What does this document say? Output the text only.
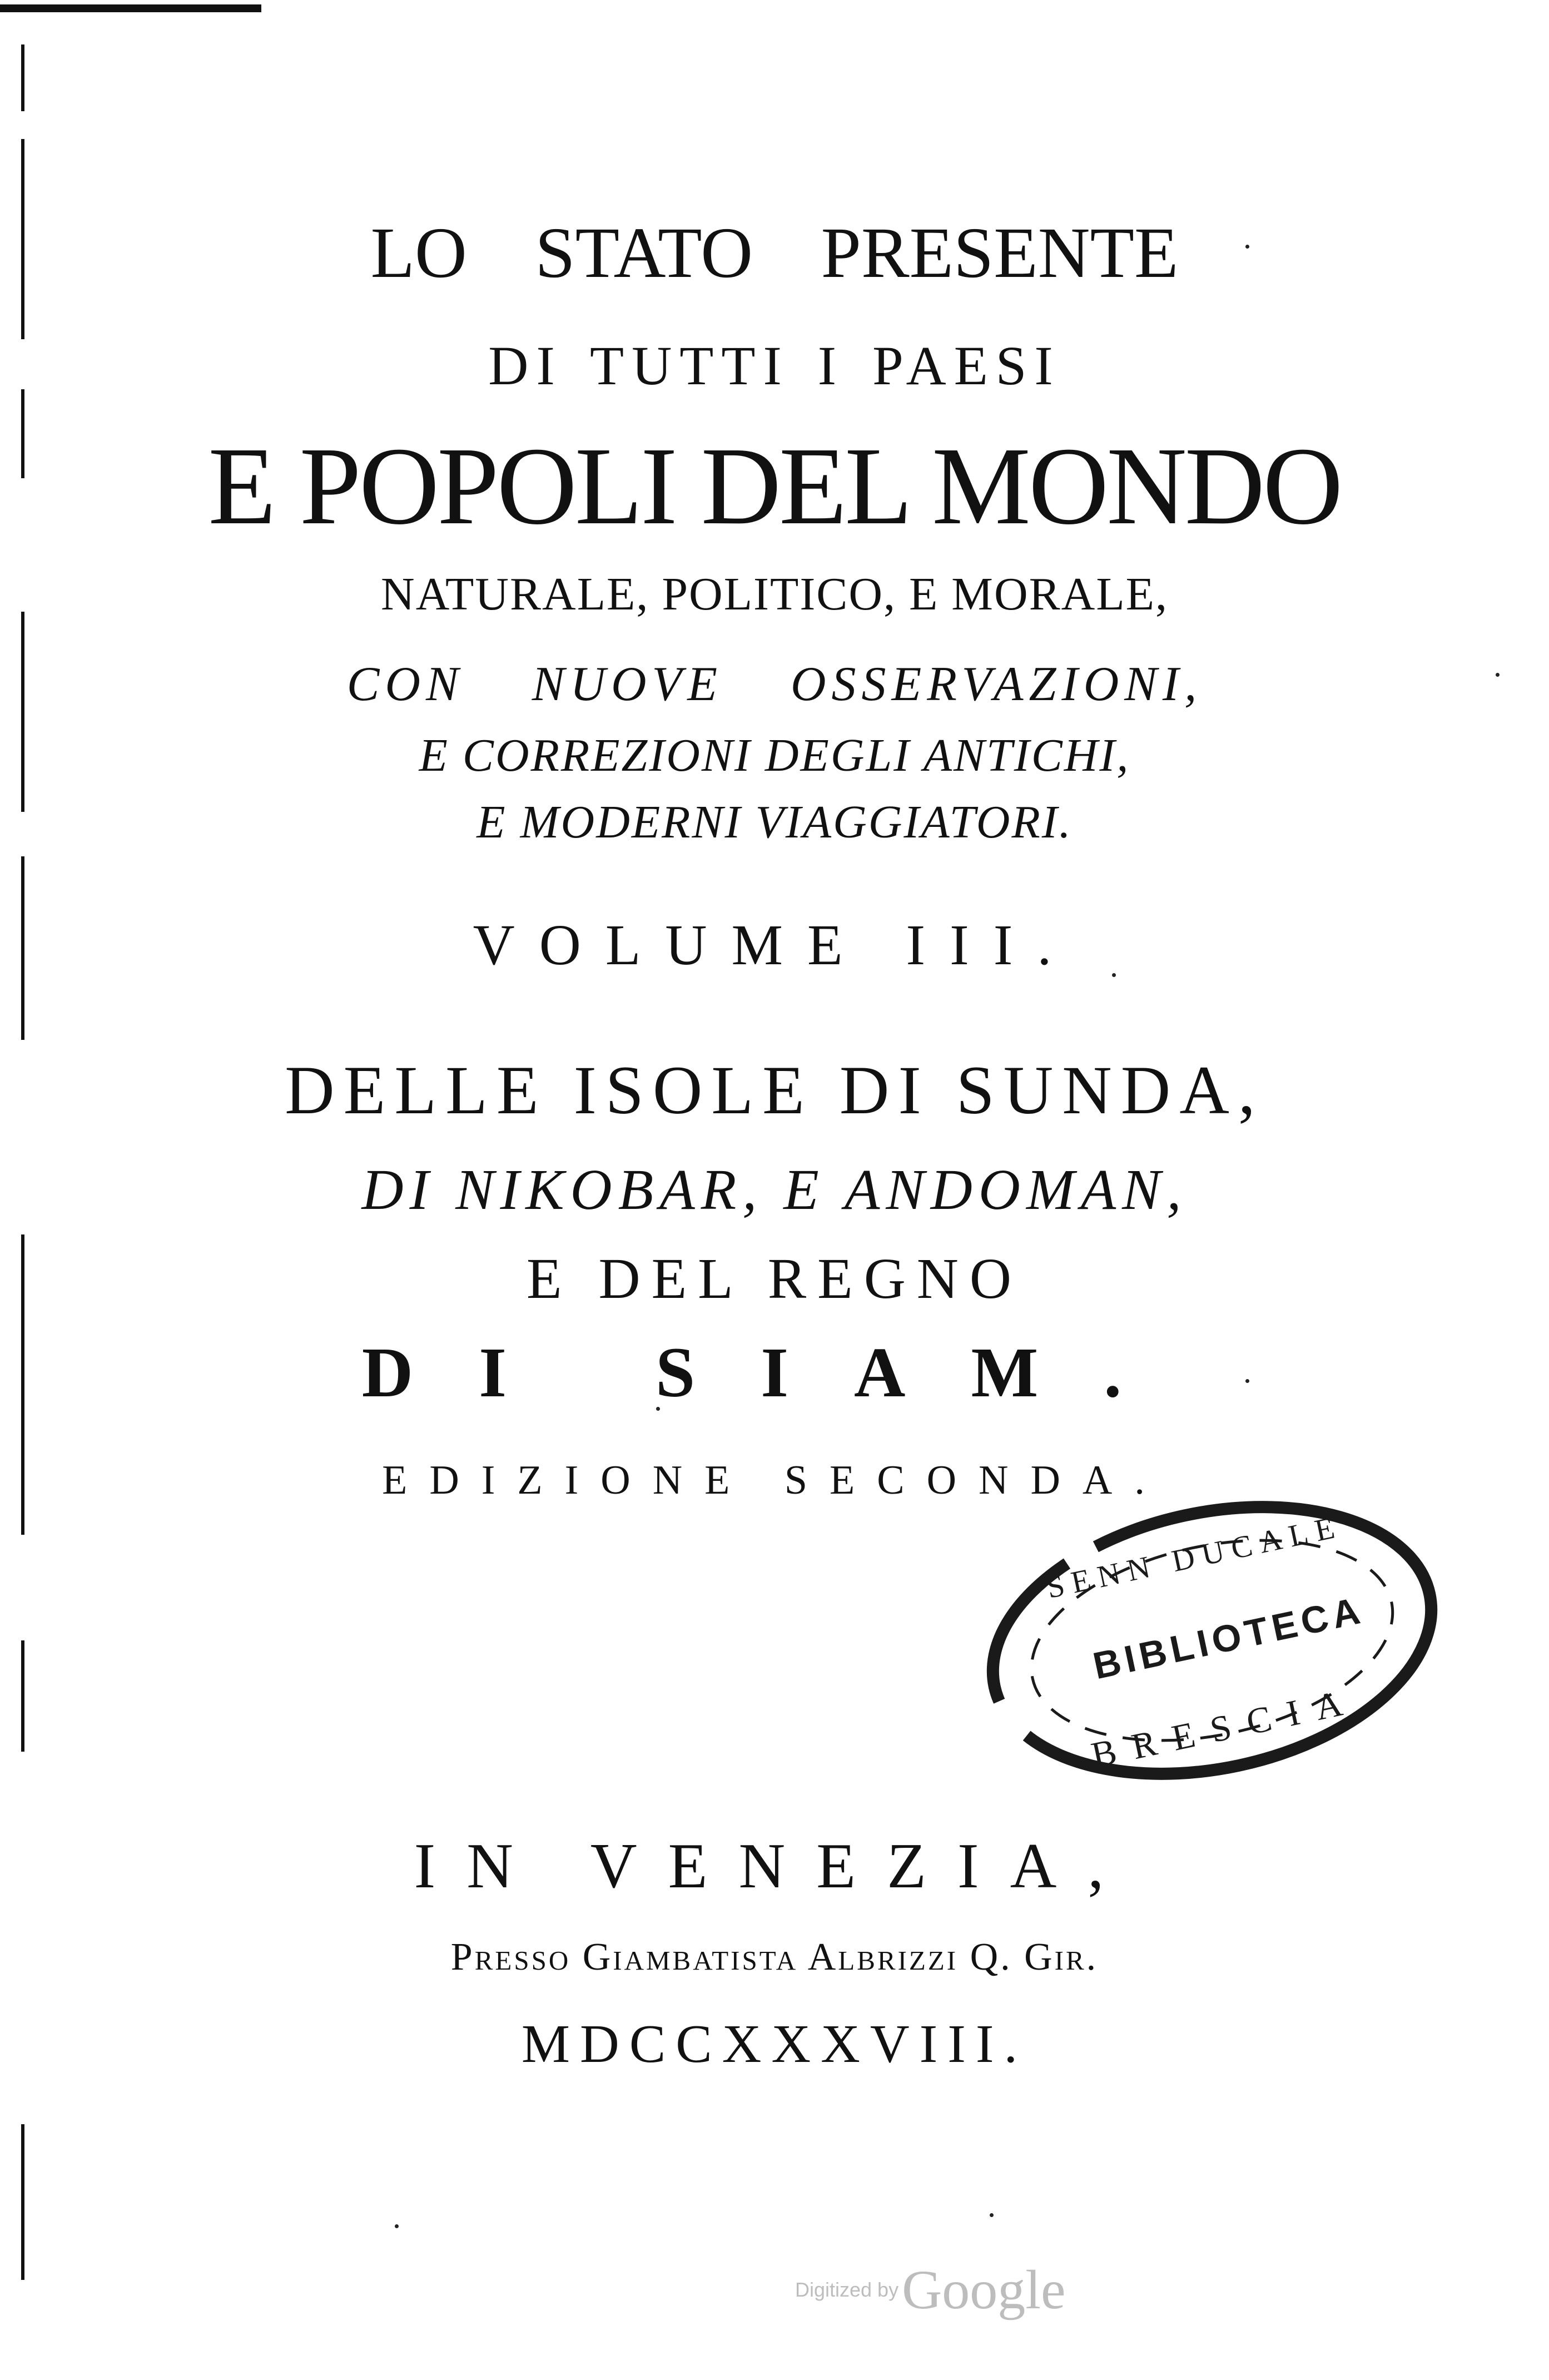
LO STATO PRESENTE
DI TUTTI I PAESI
E POPOLI DEL MONDO
NATURALE, POLITICO, E MORALE,
CON NUOVE OSSERVAZIONI,
E CORREZIONI DEGLI ANTICHI,
E MODERNI VIAGGIATORI.
VOLUME III.
DELLE ISOLE DI SUNDA,
DI NIKOBAR, E ANDOMAN,
E DEL REGNO
DI SIAM.
EDIZIONE SECONDA.
SENN DUCALE
BIBLIOTECA
BRESCIA
IN VENEZIA,
Presso Giambatista Albrizzi Q. Gir.
MDCCXXXVIII.
Digitized byGoogle
